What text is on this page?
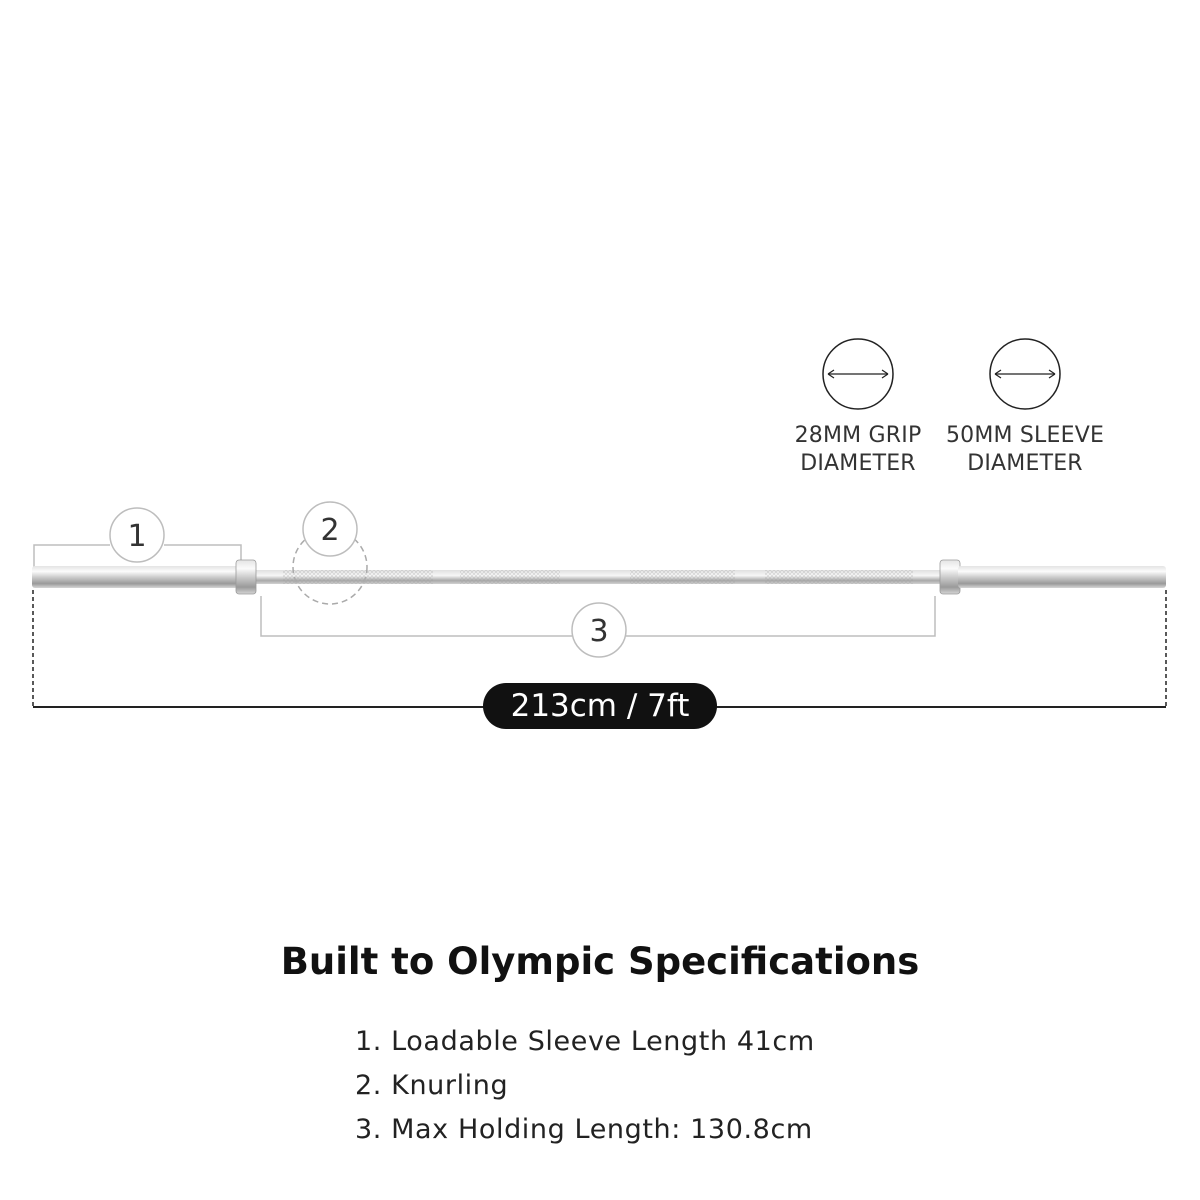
1	2
3
28MM GRIP
DIAMETER
50MM SLEEVE
DIAMETER
213cm / 7ft
Built to Olympic Specifications
1. Loadable Sleeve Length 41cm
2. Knurling
3. Max Holding Length: 130.8cm
